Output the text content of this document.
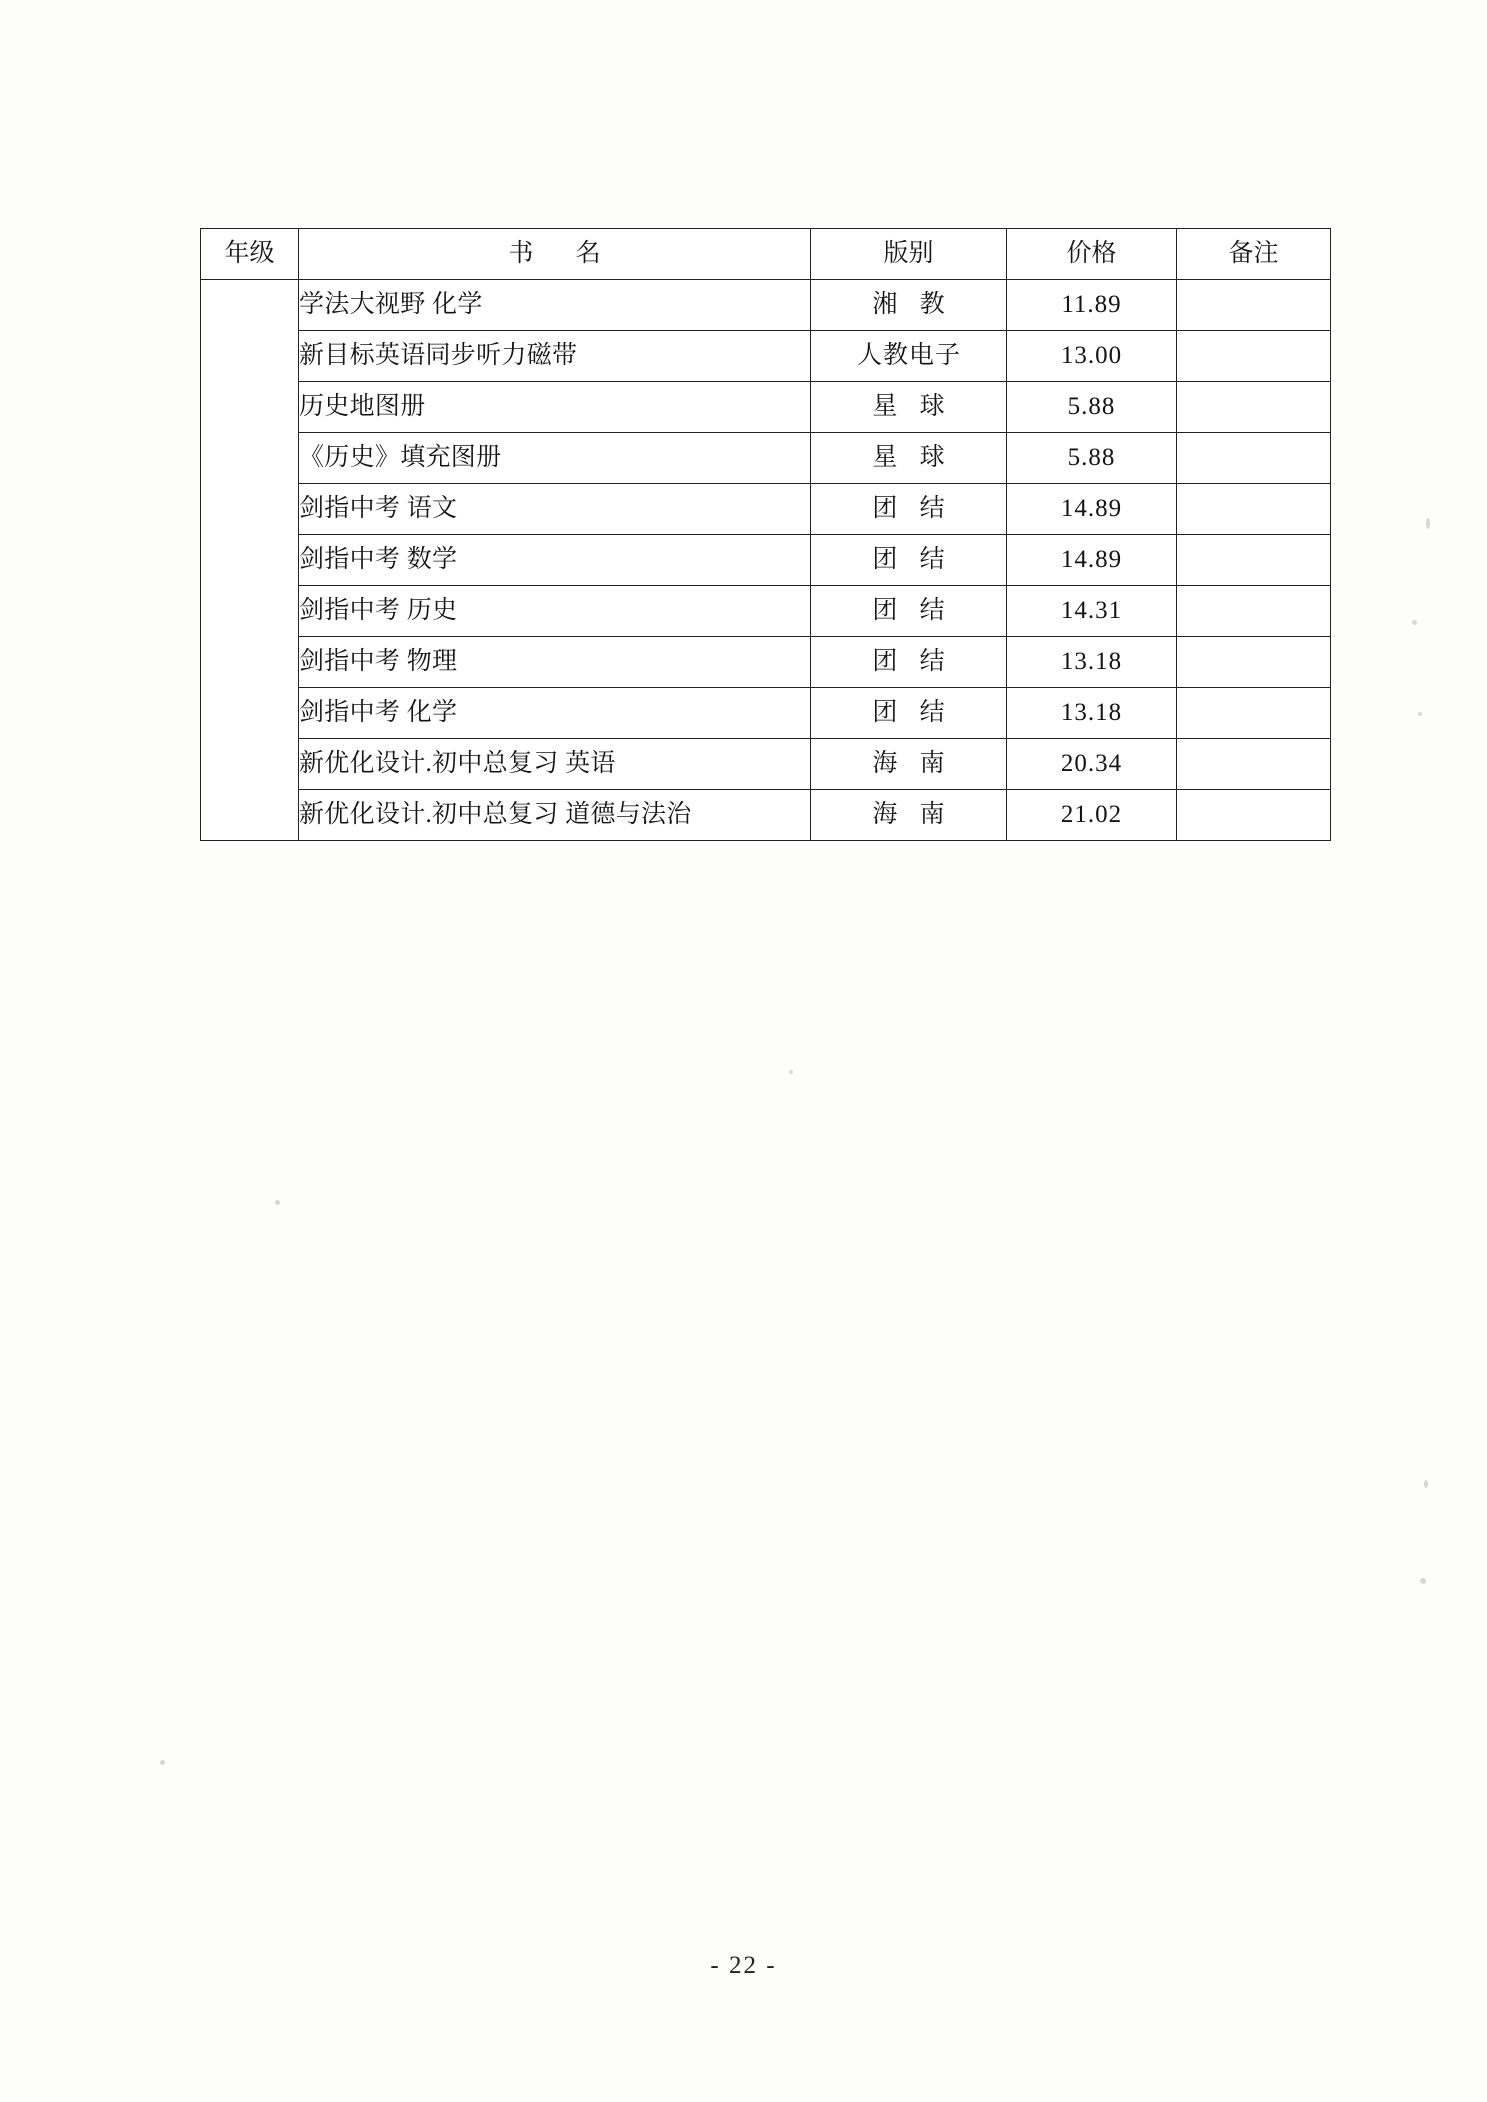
年级	书 名	版别	价格	备注
	学法大视野 化学	湘 教	11.89	
	新目标英语同步听力磁带	人教电子	13.00	
	历史地图册	星 球	5.88	
	《历史》填充图册	星 球	5.88	
	剑指中考 语文	团 结	14.89	
	剑指中考 数学	团 结	14.89	
	剑指中考 历史	团 结	14.31	
	剑指中考 物理	团 结	13.18	
	剑指中考 化学	团 结	13.18	
	新优化设计.初中总复习 英语	海 南	20.34	
	新优化设计.初中总复习 道德与法治	海 南	21.02	
- 22 -
